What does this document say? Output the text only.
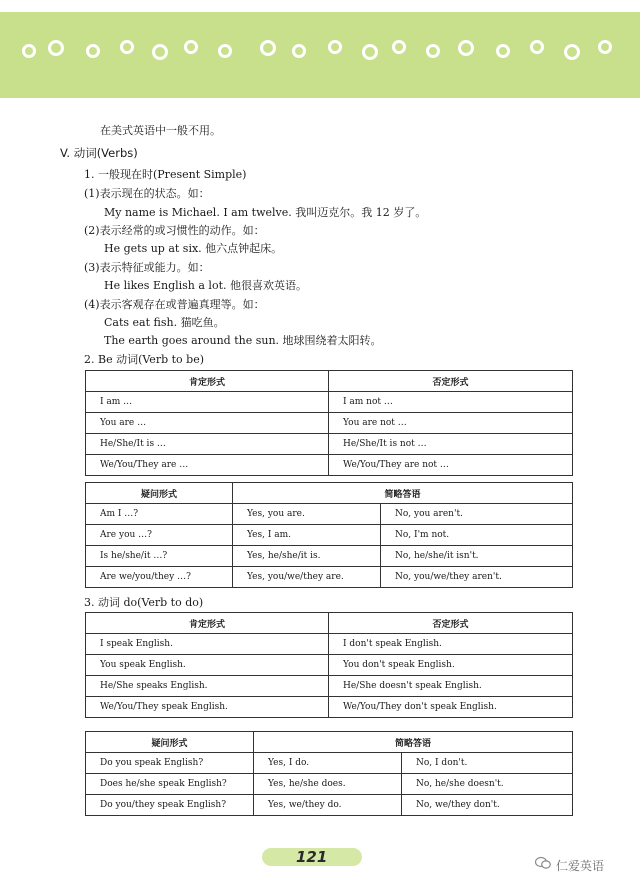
在美式英语中一般不用。
V. 动词(Verbs)
1. 一般现在时(Present Simple)
(1)表示现在的状态。如：
My name is Michael. I am twelve. 我叫迈克尔。我 12 岁了。
(2)表示经常的或习惯性的动作。如：
He gets up at six. 他六点钟起床。
(3)表示特征或能力。如：
He likes English a lot. 他很喜欢英语。
(4)表示客观存在或普遍真理等。如：
Cats eat fish. 猫吃鱼。
The earth goes around the sun. 地球围绕着太阳转。
2. Be 动词(Verb to be)
肯定形式	否定形式
I am …	I am not …
You are …	You are not …
He/She/It is …	He/She/It is not …
We/You/They are …	We/You/They are not …
疑问形式	简略答语	
Am I …?	Yes, you are.	No, you aren't.
Are you …?	Yes, I am.	No, I'm not.
Is he/she/it …?	Yes, he/she/it is.	No, he/she/it isn't.
Are we/you/they …?	Yes, you/we/they are.	No, you/we/they aren't.
3. 动词 do(Verb to do)
肯定形式	否定形式
I speak English.	I don't speak English.
You speak English.	You don't speak English.
He/She speaks English.	He/She doesn't speak English.
We/You/They speak English.	We/You/They don't speak English.
疑问形式	简略答语	
Do you speak English?	Yes, I do.	No, I don't.
Does he/she speak English?	Yes, he/she does.	No, he/she doesn't.
Do you/they speak English?	Yes, we/they do.	No, we/they don't.
121	仁爱英语
